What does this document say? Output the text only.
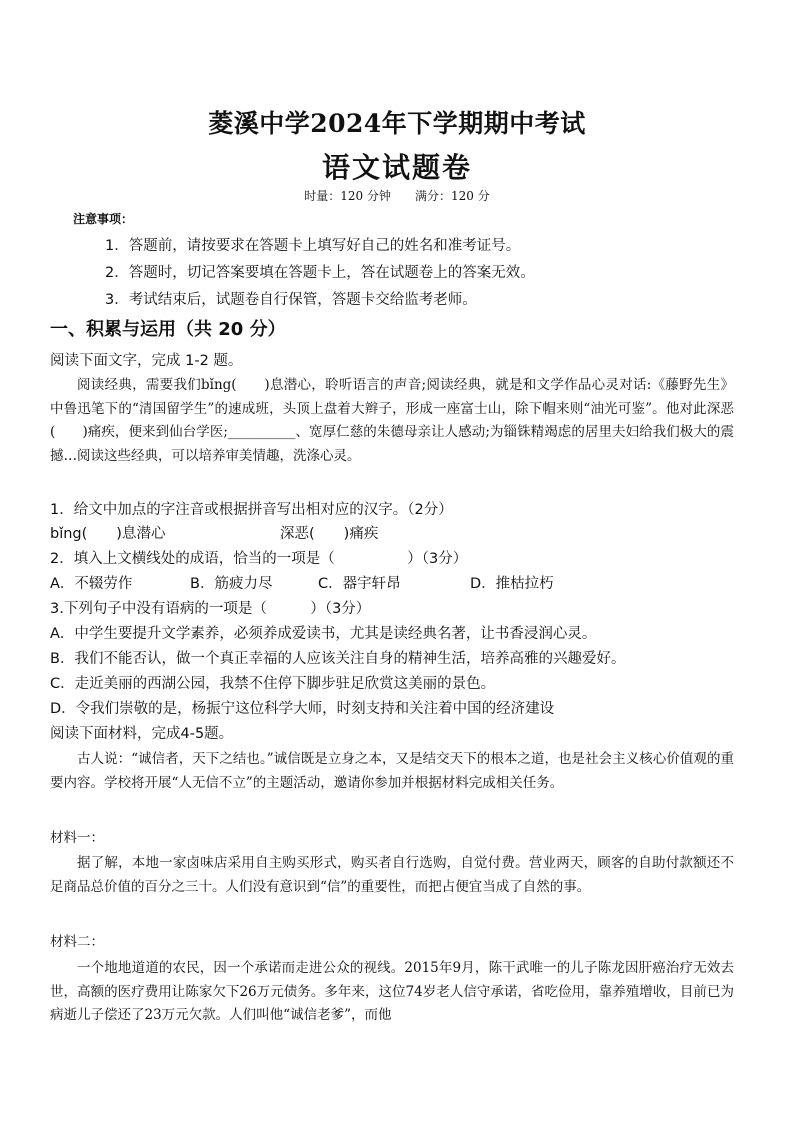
菱溪中学2024年下学期期中考试
语文试题卷
时量：120 分钟　　满分：120 分
注意事项：
1．答题前，请按要求在答题卡上填写好自己的姓名和准考证号。
2．答题时，切记答案要填在答题卡上，答在试题卷上的答案无效。
3．考试结束后，试题卷自行保管，答题卡交给监考老师。
一、积累与运用（共 20 分）
阅读下面文字，完成 1-2 题。

阅读经典，需要我们bǐng(　　)息潜心，聆听语言的声音;阅读经典，就是和文学作品心灵对话:《藤野先生》中鲁迅笔下的“清国留学生”的速成班，头顶上盘着大辫子，形成一座富士山，除下帽来则“油光可鉴”。他对此深恶(　　)痛疾，便来到仙台学医;__________、宽厚仁慈的朱德母亲让人感动;为锱铢精竭虑的居里夫妇给我们极大的震撼…阅读这些经典，可以培养审美情趣，洗涤心灵。

1．给文中加点的字注音或根据拼音写出相对应的汉字。（2分）
bǐng(　　)息潜心	深恶(　　)痛疾
2．填入上文横线处的成语，恰当的一项是（　　　　　）（3分）
A．不辍劳作	B．筋疲力尽	C．器宇轩昂	D．推枯拉朽
3.下列句子中没有语病的一项是（　　　）（3分）
A．中学生要提升文学素养，必须养成爱读书，尤其是读经典名著，让书香浸润心灵。
B．我们不能否认，做一个真正幸福的人应该关注自身的精神生活，培养高雅的兴趣爱好。
C．走近美丽的西湖公园，我禁不住停下脚步驻足欣赏这美丽的景色。
D．令我们崇敬的是，杨振宁这位科学大师，时刻支持和关注着中国的经济建设
阅读下面材料，完成4-5题。

古人说：“诚信者，天下之结也。”诚信既是立身之本，又是结交天下的根本之道，也是社会主义核心价值观的重要内容。学校将开展“人无信不立”的主题活动，邀请你参加并根据材料完成相关任务。

材料一：

据了解，本地一家卤味店采用自主购买形式，购买者自行选购，自觉付费。营业两天，顾客的自助付款额还不足商品总价值的百分之三十。人们没有意识到“信”的重要性，而把占便宜当成了自然的事。

材料二：

一个地地道道的农民，因一个承诺而走进公众的视线。2015年9月，陈干武唯一的儿子陈龙因肝癌治疗无效去世，高额的医疗费用让陈家欠下26万元债务。多年来，这位74岁老人信守承诺，省吃俭用，靠养殖增收，目前已为病逝儿子偿还了23万元欠款。人们叫他“诚信老爹”，而他
